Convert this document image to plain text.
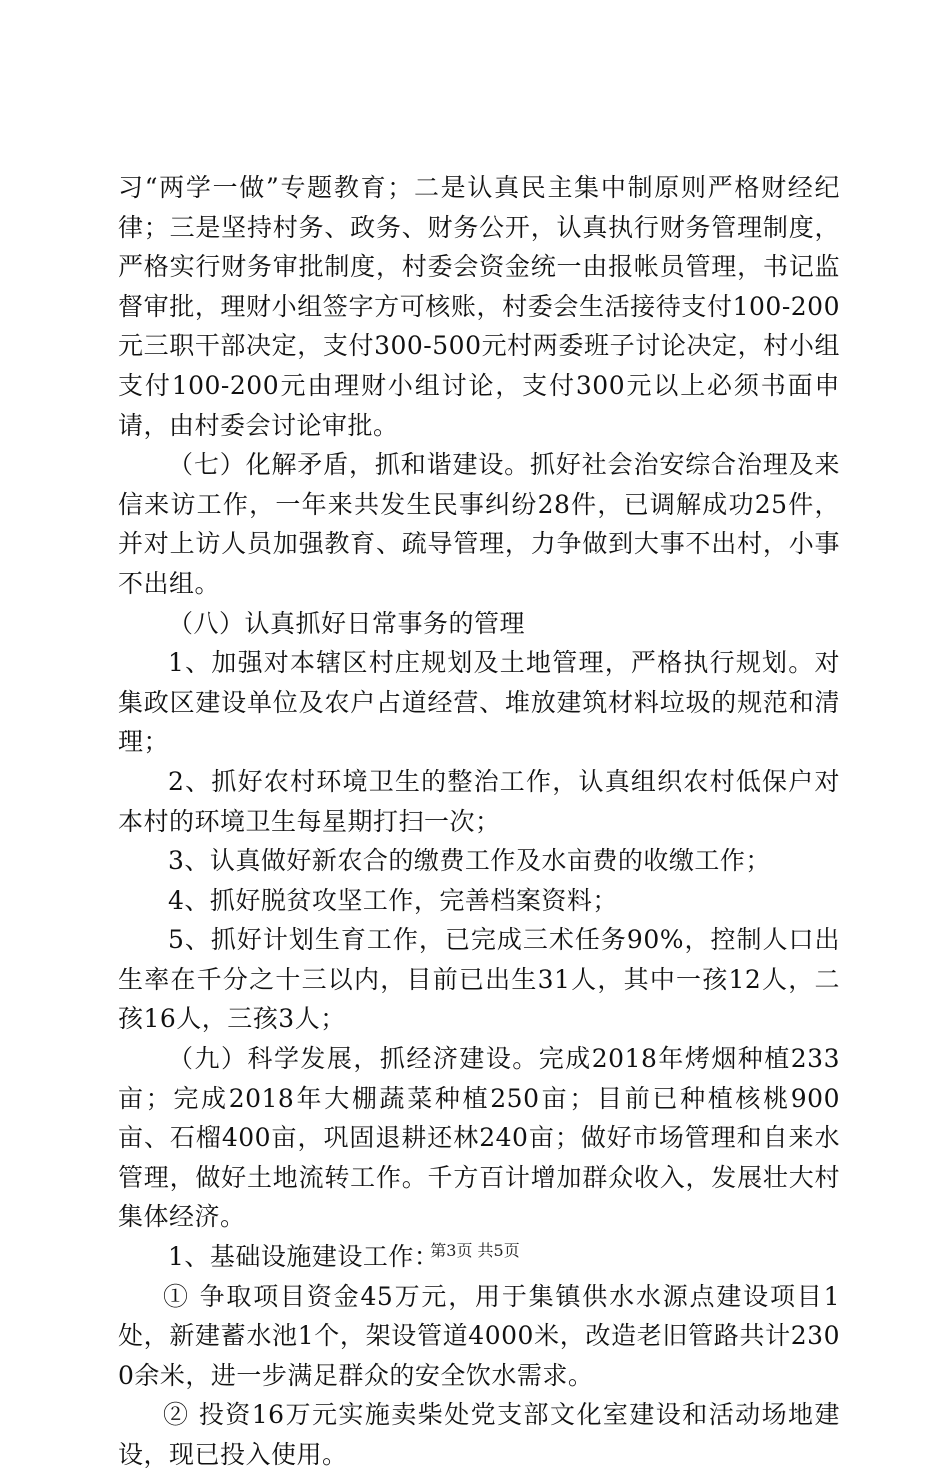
习“两学一做”专题教育；二是认真民主集中制原则严格财经纪律；三是坚持村务、政务、财务公开，认真执行财务管理制度，严格实行财务审批制度，村委会资金统一由报帐员管理，书记监督审批，理财小组签字方可核账，村委会生活接待支付100-200元三职干部决定，支付300-500元村两委班子讨论决定，村小组支付100-200元由理财小组讨论，支付300元以上必须书面申请，由村委会讨论审批。

（七）化解矛盾，抓和谐建设。抓好社会治安综合治理及来信来访工作，一年来共发生民事纠纷28件，已调解成功25件，并对上访人员加强教育、疏导管理，力争做到大事不出村，小事不出组。

（八）认真抓好日常事务的管理

1、加强对本辖区村庄规划及土地管理，严格执行规划。对集政区建设单位及农户占道经营、堆放建筑材料垃圾的规范和清理；

2、抓好农村环境卫生的整治工作，认真组织农村低保户对本村的环境卫生每星期打扫一次；

3、认真做好新农合的缴费工作及水亩费的收缴工作；

4、抓好脱贫攻坚工作，完善档案资料；

5、抓好计划生育工作，已完成三术任务90%，控制人口出生率在千分之十三以内，目前已出生31人，其中一孩12人，二孩16人，三孩3人；

（九）科学发展，抓经济建设。完成2018年烤烟种植233亩；完成2018年大棚蔬菜种植250亩；目前已种植核桃900亩、石榴400亩，巩固退耕还林240亩；做好市场管理和自来水管理，做好土地流转工作。千方百计增加群众收入，发展壮大村集体经济。

1、基础设施建设工作：

① 争取项目资金45万元，用于集镇供水水源点建设项目1处，新建蓄水池1个，架设管道4000米，改造老旧管路共计2300余米，进一步满足群众的安全饮水需求。

② 投资16万元实施卖柴处党支部文化室建设和活动场地建设，现已投入使用。

第3页 共5页
